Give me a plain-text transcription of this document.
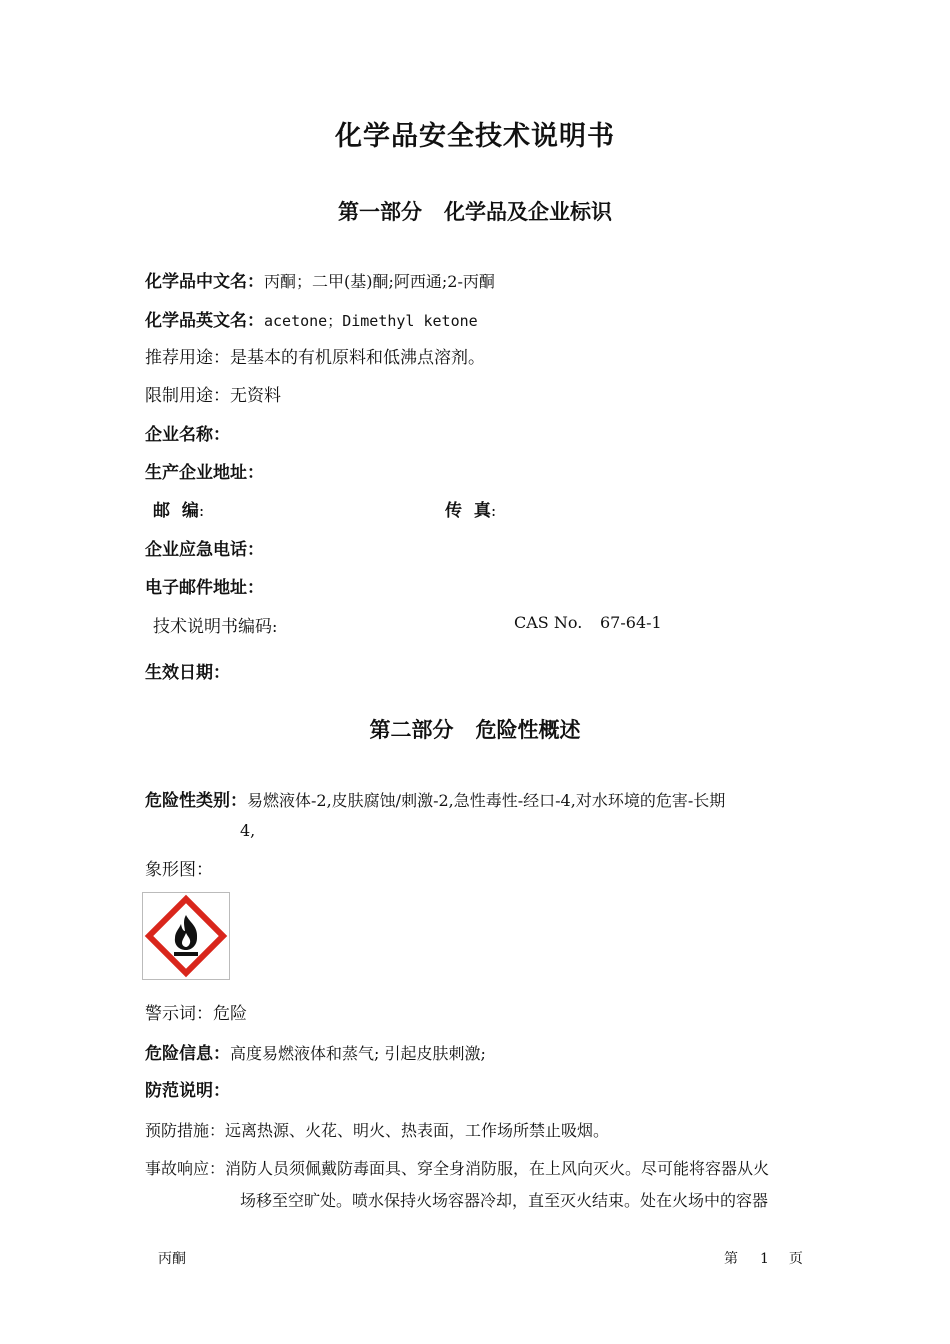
化学品安全技术说明书
第一部分 化学品及企业标识
化学品中文名：丙酮；二甲(基)酮;阿西通;2-丙酮
化学品英文名：acetone；Dimethyl ketone
推荐用途：是基本的有机原料和低沸点溶剂。
限制用途：无资料
企业名称：
生产企业地址：
邮  编:	传  真:
企业应急电话：
电子邮件地址：
技术说明书编码:	CAS No. 67-64-1
生效日期：
第二部分 危险性概述
危险性类别：易燃液体-2,皮肤腐蚀/刺激-2,急性毒性-经口-4,对水环境的危害-长期
4,
象形图：
警示词：危险
危险信息：高度易燃液体和蒸气; 引起皮肤刺激;
防范说明：
预防措施：远离热源、火花、明火、热表面，工作场所禁止吸烟。
事故响应：消防人员须佩戴防毒面具、穿全身消防服，在上风向灭火。尽可能将容器从火
场移至空旷处。喷水保持火场容器冷却，直至灭火结束。处在火场中的容器
丙酮	第 1 页
